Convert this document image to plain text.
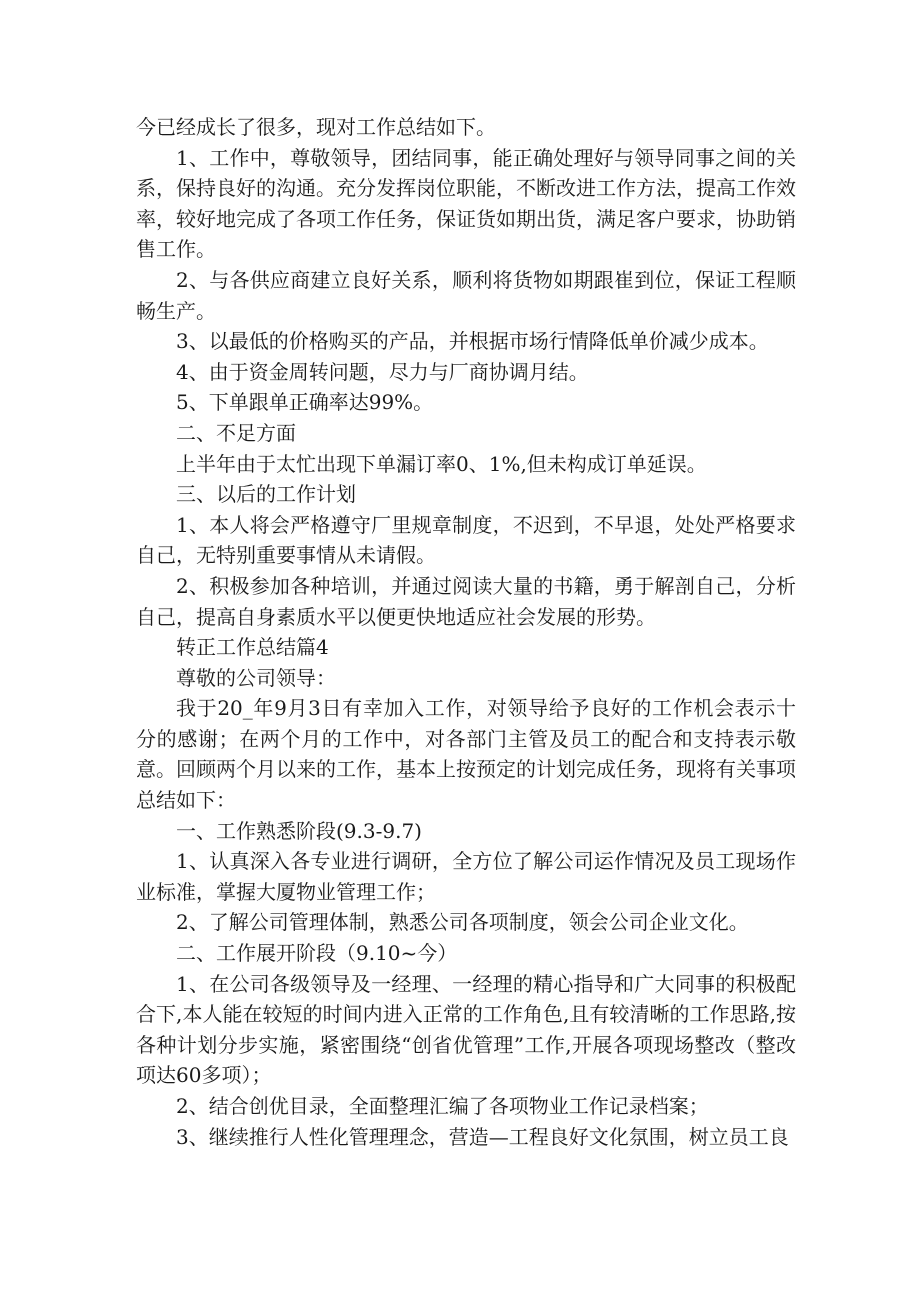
今已经成长了很多，现对工作总结如下。

1、工作中，尊敬领导，团结同事，能正确处理好与领导同事之间的关系，保持良好的沟通。充分发挥岗位职能，不断改进工作方法，提高工作效率，较好地完成了各项工作任务，保证货如期出货，满足客户要求，协助销售工作。

2、与各供应商建立良好关系，顺利将货物如期跟崔到位，保证工程顺畅生产。

3、以最低的价格购买的产品，并根据市场行情降低单价减少成本。

4、由于资金周转问题，尽力与厂商协调月结。

5、下单跟单正确率达99%。

二、不足方面

上半年由于太忙出现下单漏订率0、1%,但未构成订单延误。

三、以后的工作计划

1、本人将会严格遵守厂里规章制度，不迟到，不早退，处处严格要求自己，无特别重要事情从未请假。

2、积极参加各种培训，并通过阅读大量的书籍，勇于解剖自己，分析自己，提高自身素质水平以便更快地适应社会发展的形势。

转正工作总结篇4

尊敬的公司领导：

我于20_年9月3日有幸加入工作，对领导给予良好的工作机会表示十分的感谢；在两个月的工作中，对各部门主管及员工的配合和支持表示敬意。回顾两个月以来的工作，基本上按预定的计划完成任务，现将有关事项总结如下：

一、工作熟悉阶段(9.3-9.7)

1、认真深入各专业进行调研，全方位了解公司运作情况及员工现场作业标准，掌握大厦物业管理工作；

2、了解公司管理体制，熟悉公司各项制度，领会公司企业文化。

二、工作展开阶段（9.10~今）

1、在公司各级领导及一经理、一经理的精心指导和广大同事的积极配合下,本人能在较短的时间内进入正常的工作角色,且有较清晰的工作思路,按各种计划分步实施，紧密围绕“创省优管理”工作,开展各项现场整改（整改项达60多项）；

2、结合创优目录，全面整理汇编了各项物业工作记录档案；

3、继续推行人性化管理理念，营造—工程良好文化氛围，树立员工良
